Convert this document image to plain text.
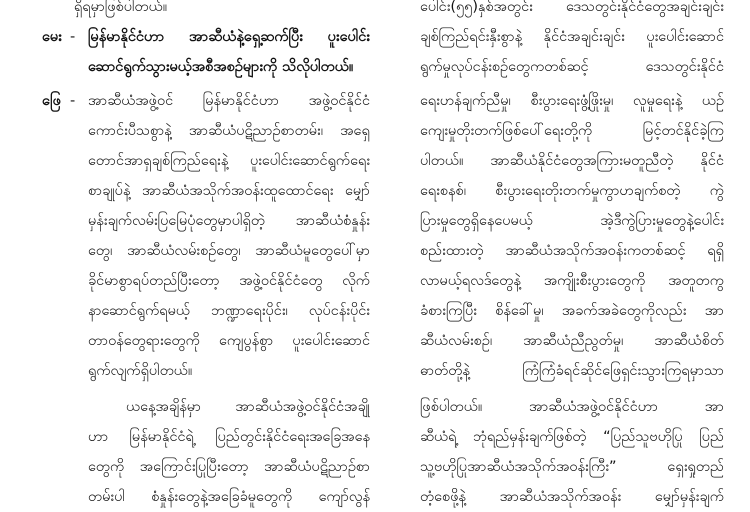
ရှိရမှာဖြစ်ပါတယ်။
မေး - မြန်မာနိုင်ငံဟာ အာဆီယံနဲ့ရှေ့ဆက်ပြီး ပူးပေါင်း
ဆောင်ရွက်သွားမယ့်အစီအစဉ်များကို သိလိုပါတယ်။
ဖြေ - အာဆီယံအဖွဲ့ဝင် မြန်မာနိုင်ငံဟာ အဖွဲ့ဝင်နိုင်ငံ
ကောင်းပီသစွာနဲ့ အာဆီယံပဋိညာဉ်စာတမ်း၊ အရှေ့
တောင်အာရှချစ်ကြည်ရေးနဲ့ ပူးပေါင်းဆောင်ရွက်ရေး
စာချုပ်နဲ့ အာဆီယံအသိုက်အဝန်းထူထောင်ရေး မျှော်
မှန်းချက်လမ်းပြမြေပုံတွေမှာပါရှိတဲ့ အာဆီယံစံနှုန်း
တွေ၊ အာဆီယံလမ်းစဉ်တွေ၊ အာဆီယံမူတွေပေါ်မှာ
ခိုင်မာစွာရပ်တည်ပြီးတော့ အဖွဲ့ဝင်နိုင်ငံတွေ လိုက်
နာဆောင်ရွက်ရမယ့် ဘဏ္ဍာရေးပိုင်း၊ လုပ်ငန်းပိုင်း
တာဝန်တွေရားတွေကို ကျေပွန်စွာ ပူးပေါင်းဆောင်
ရွက်လျက်ရှိပါတယ်။
ယနေ့အချိန်မှာ အာဆီယံအဖွဲ့ဝင်နိုင်ငံအချို့
ဟာ မြန်မာနိုင်ငံရဲ့ ပြည်တွင်းနိုင်ငံရေးအခြေအနေ
တွေကို အကြောင်းပြုပြီးတော့ အာဆီယံပဋိညာဉ်စာ
တမ်းပါ စံနှုန်းတွေနဲ့အခြေခံမူတွေကို ကျော်လွန်
ပေါင်း(၅၅)နှစ်အတွင်း ဒေသတွင်းနိုင်ငံတွေအချင်းချင်း
ချစ်ကြည်ရင်းနှီးစွာနဲ့ နိုင်ငံအချင်းချင်း ပူးပေါင်းဆောင်
ရွက်မှုလုပ်ငန်းစဉ်တွေကတစ်ဆင့် ဒေသတွင်းနိုင်ငံ
ရေးဟန်ချက်ညီမှု၊ စီးပွားရေးဖွံ့ဖြိုးမှု၊ လူမှုရေးနဲ့ ယဉ်
ကျေးမှုတိုးတက်ဖြစ်ပေါ်ရေးတို့ကို မြင့်တင်နိုင်ခဲ့ကြ
ပါတယ်။ အာဆီယံနိုင်ငံတွေအကြားမတူညီတဲ့ နိုင်ငံ
ရေးစနစ်၊ စီးပွားရေးတိုးတက်မှုကွာဟချက်စတဲ့ ကွဲ
ပြားမှုတွေရှိနေပေမယ့် အဲ့ဒီကွဲပြားမှုတွေနဲ့ပေါင်း
စည်းထားတဲ့ အာဆီယံအသိုက်အဝန်းကတစ်ဆင့် ရရှိ
လာမယ့်ရလဒ်တွေနဲ့ အကျိုးစီးပွားတွေကို အတူတကွ
ခံစားကြပြီး စိန်ခေါ်မှု၊ အခက်အခဲတွေကိုလည်း အာ
ဆီယံလမ်းစဉ်၊ အာဆီယံညီညွတ်မှု၊ အာဆီယံစိတ်
ဓာတ်တို့နဲ့ ကြံကြံခံရင်ဆိုင်ဖြေရှင်းသွားကြရမှာသာ
ဖြစ်ပါတယ်။ အာဆီယံအဖွဲ့ဝင်နိုင်ငံဟာ အာ
ဆီယံရဲ့ ဘုံရည်မှန်းချက်ဖြစ်တဲ့ “ပြည်သူဗဟိုပြု ပြည်
သူ့ဗဟိုပြုအာဆီယံအသိုက်အဝန်းကြီး” ရှေးရှုတည်
တံ့စေဖို့နဲ့ အာဆီယံအသိုက်အဝန်း မျှော်မှန်းချက်
